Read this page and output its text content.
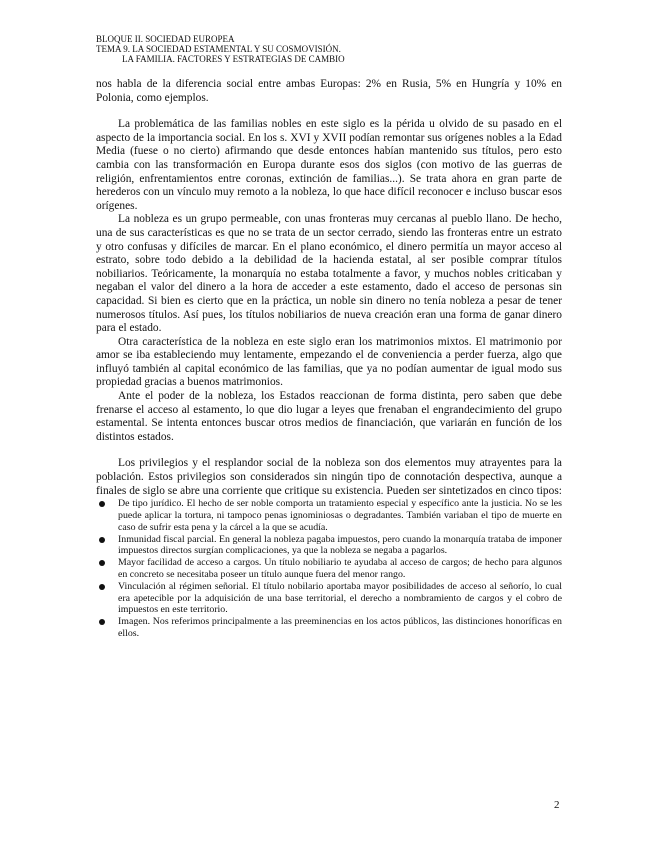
BLOQUE II. SOCIEDAD EUROPEA
TEMA 9. LA SOCIEDAD ESTAMENTAL Y SU COSMOVISIÓN.
LA FAMILIA. FACTORES Y ESTRATEGIAS DE CAMBIO

nos habla de la diferencia social entre ambas Europas: 2% en Rusia, 5% en Hungría y 10% en Polonia, como ejemplos.

La problemática de las familias nobles en este siglo es la périda u olvido de su pasado en el aspecto de la importancia social. En los s. XVI y XVII podían remontar sus orígenes nobles a la Edad Media (fuese o no cierto) afirmando que desde entonces habían mantenido sus títulos, pero esto cambia con las transformación en Europa durante esos dos siglos (con motivo de las guerras de religión, enfrentamientos entre coronas, extinción de familias...). Se trata ahora en gran parte de herederos con un vínculo muy remoto a la nobleza, lo que hace difícil reconocer e incluso buscar esos orígenes.

La nobleza es un grupo permeable, con unas fronteras muy cercanas al pueblo llano. De hecho, una de sus características es que no se trata de un sector cerrado, siendo las fronteras entre un estrato y otro confusas y difíciles de marcar. En el plano económico, el dinero permitía un mayor acceso al estrato, sobre todo debido a la debilidad de la hacienda estatal, al ser posible comprar títulos nobiliarios. Teóricamente, la monarquía no estaba totalmente a favor, y muchos nobles criticaban y negaban el valor del dinero a la hora de acceder a este estamento, dado el acceso de personas sin capacidad. Si bien es cierto que en la práctica, un noble sin dinero no tenía nobleza a pesar de tener numerosos títulos. Así pues, los títulos nobiliarios de nueva creación eran una forma de ganar dinero para el estado.

Otra característica de la nobleza en este siglo eran los matrimonios mixtos. El matrimonio por amor se iba estableciendo muy lentamente, empezando el de conveniencia a perder fuerza, algo que influyó también al capital económico de las familias, que ya no podían aumentar de igual modo sus propiedad gracias a buenos matrimonios.

Ante el poder de la nobleza, los Estados reaccionan de forma distinta, pero saben que debe frenarse el acceso al estamento, lo que dio lugar a leyes que frenaban el engrandecimiento del grupo estamental. Se intenta entonces buscar otros medios de financiación, que variarán en función de los distintos estados.

Los privilegios y el resplandor social de la nobleza son dos elementos muy atrayentes para la población. Estos privilegios son considerados sin ningún tipo de connotación despectiva, aunque a finales de siglo se abre una corriente que critique su existencia. Pueden ser sintetizados en cinco tipos:

De tipo jurídico. El hecho de ser noble comporta un tratamiento especial y específico ante la justicia. No se les puede aplicar la tortura, ni tampoco penas ignominiosas o degradantes. También variaban el tipo de muerte en caso de sufrir esta pena y la cárcel a la que se acudía.
Inmunidad fiscal parcial. En general la nobleza pagaba impuestos, pero cuando la monarquía trataba de imponer impuestos directos surgían complicaciones, ya que la nobleza se negaba a pagarlos.
Mayor facilidad de acceso a cargos. Un título nobiliario te ayudaba al acceso de cargos; de hecho para algunos en concreto se necesitaba poseer un título aunque fuera del menor rango.
Vinculación al régimen señorial. El título nobilario aportaba mayor posibilidades de acceso al señorío, lo cual era apetecible por la adquisición de una base territorial, el derecho a nombramiento de cargos y el cobro de impuestos en este territorio.
Imagen. Nos referimos principalmente a las preeminencias en los actos públicos, las distinciones honoríficas en ellos.
2
